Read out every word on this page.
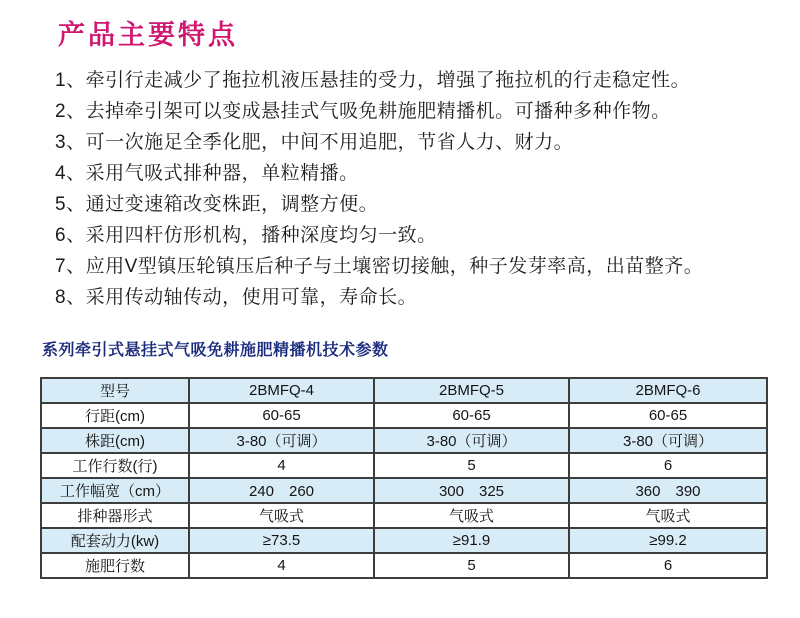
产品主要特点
1、牵引行走减少了拖拉机液压悬挂的受力，增强了拖拉机的行走稳定性。
2、去掉牵引架可以变成悬挂式气吸免耕施肥精播机。可播种多种作物。
3、可一次施足全季化肥，中间不用追肥，节省人力、财力。
4、采用气吸式排种器，单粒精播。
5、通过变速箱改变株距，调整方便。
6、采用四杆仿形机构，播种深度均匀一致。
7、应用V型镇压轮镇压后种子与土壤密切接触，种子发芽率高，出苗整齐。
8、采用传动轴传动，使用可靠，寿命长。
系列牵引式悬挂式气吸免耕施肥精播机技术参数
型号	2BMFQ-4	2BMFQ-5	2BMFQ-6
行距(cm)	60-65	60-65	60-65
株距(cm)	3-80（可调）	3-80（可调）	3-80（可调）
工作行数(行)	4	5	6
工作幅宽（cm）	240　260	300　325	360　390
排种器形式	气吸式	气吸式	气吸式
配套动力(kw)	≥73.5	≥91.9	≥99.2
施肥行数	4	5	6
